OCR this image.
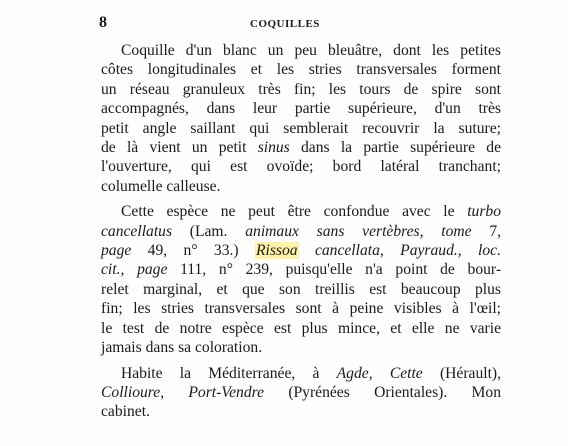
8	COQUILLES
Coquille d'un blanc un peu bleuâtre, dont les petites
côtes longitudinales et les stries transversales forment
un réseau granuleux très fin; les tours de spire sont
accompagnés, dans leur partie supérieure, d'un très
petit angle saillant qui semblerait recouvrir la suture;
de là vient un petit sinus dans la partie supérieure de
l'ouverture, qui est ovoïde; bord latéral tranchant;
columelle calleuse.
Cette espèce ne peut être confondue avec le turbo
cancellatus (Lam. animaux sans vertèbres, tome 7,
page 49, n° 33.) Rissoa cancellata, Payraud., loc.
cit., page 111, n° 239, puisqu'elle n'a point de bour-
relet marginal, et que son treillis est beaucoup plus
fin; les stries transversales sont à peine visibles à l'œil;
le test de notre espèce est plus mince, et elle ne varie
jamais dans sa coloration.
Habite la Méditerranée, à Agde, Cette (Hérault),
Collioure, Port-Vendre (Pyrénées Orientales). Mon
cabinet.
